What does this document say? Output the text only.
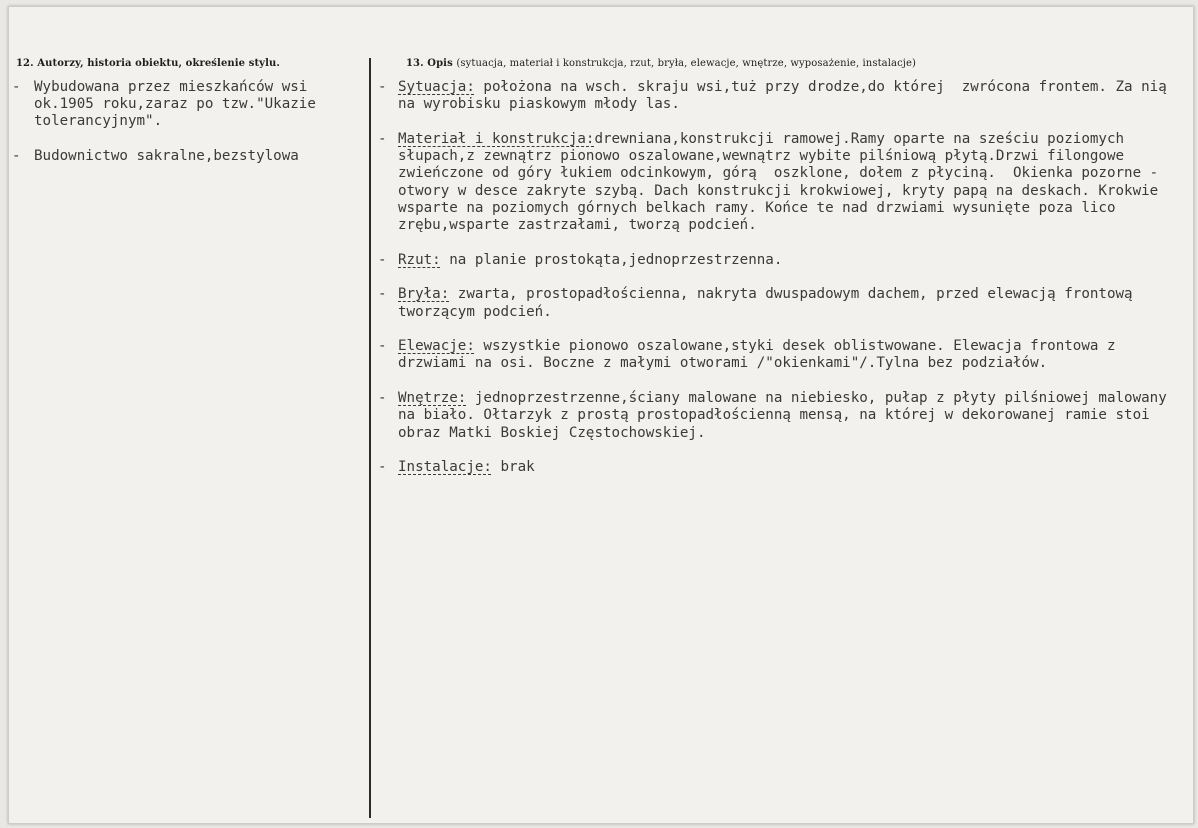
12. Autorzy, historia obiektu, określenie stylu.	13. Opis (sytuacja, materiał i konstrukcja, rzut, bryła, elewacje, wnętrze, wyposażenie, instalacje)
- Wybudowana przez mieszkańców wsi ok.1905 roku,zaraz po tzw."Ukazie tolerancyjnym".
- Budownictwo sakralne,bezstylowa
- Sytuacja: położona na wsch. skraju wsi,tuż przy drodze,do której  zwrócona frontem. Za nią na wyrobisku piaskowym młody las.
- Materiał i konstrukcja:drewniana,konstrukcji ramowej.Ramy oparte na sześciu poziomych słupach,z zewnątrz pionowo oszalowane,wewnątrz wybite pilśniową płytą.Drzwi filongowe zwieńczone od góry łukiem odcinkowym, górą  oszklone, dołem z płyciną.  Okienka pozorne - otwory w desce zakryte szybą. Dach konstrukcji krokwiowej, kryty papą na deskach. Krokwie wsparte na poziomych górnych belkach ramy. Końce te nad drzwiami wysunięte poza lico zrębu,wsparte zastrzałami, tworzą podcień.
- Rzut: na planie prostokąta,jednoprzestrzenna.
- Bryła: zwarta, prostopadłościenna, nakryta dwuspadowym dachem, przed elewacją frontową tworzącym podcień.
- Elewacje: wszystkie pionowo oszalowane,styki desek oblistwowane. Elewacja frontowa z drzwiami na osi. Boczne z małymi otworami /"okienkami"/.Tylna bez podziałów.
- Wnętrze: jednoprzestrzenne,ściany malowane na niebiesko, pułap z płyty pilśniowej malowany na biało. Ołtarzyk z prostą prostopadłościenną mensą, na której w dekorowanej ramie stoi obraz Matki Boskiej Częstochowskiej.
- Instalacje: brak
